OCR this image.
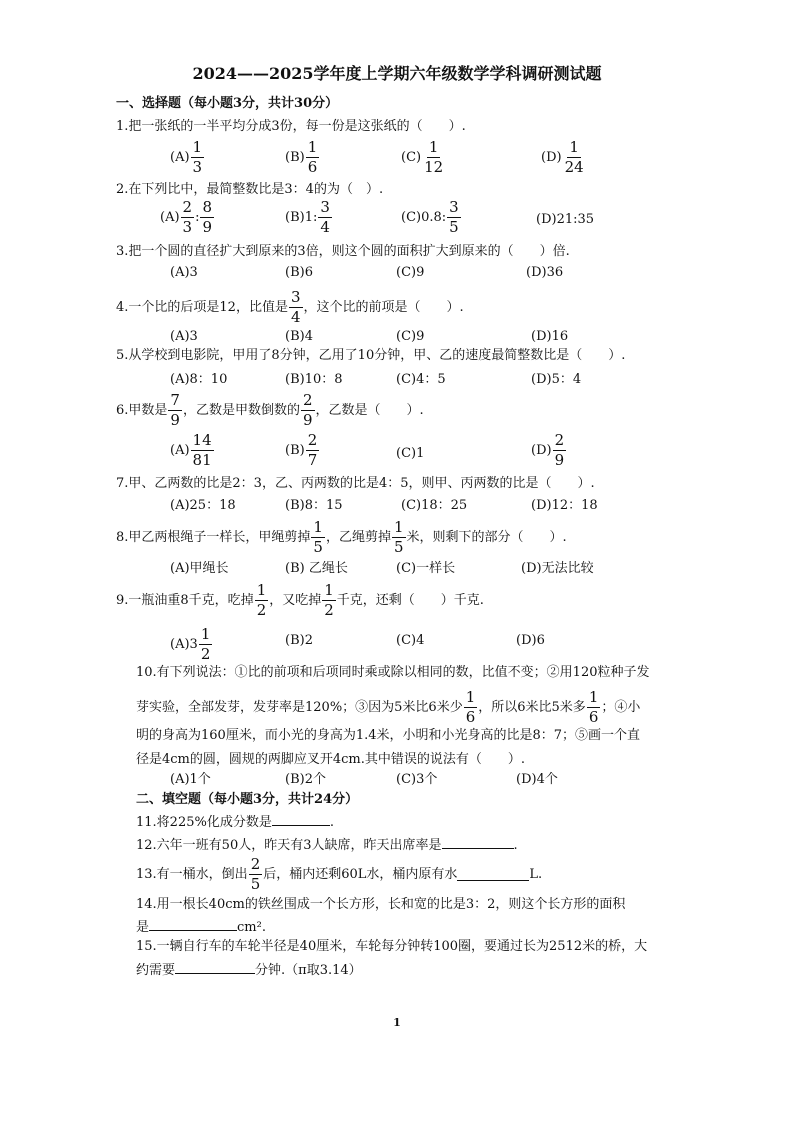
2024——2025学年度上学期六年级数学学科调研测试题
一、选择题（每小题3分，共计30分）
1.把一张纸的一半平均分成3份，每一份是这张纸的（　　）.
$(A) \frac{1}{3}$	$(B) \frac{1}{6}$	$(C) \frac{1}{12}$	$(D) \frac{1}{24}$
2.在下列比中，最简整数比是3：4的为（　）.
$(A) \frac{2}{3}$ : $\frac{8}{9}$	(B) 1: $\frac{3}{4}$	(C) 0.8: $\frac{3}{5}$	(D)21:35
3.把一个圆的直径扩大到原来的3倍，则这个圆的面积扩大到原来的（　　）倍.
(A)3	(B)6	(C)9	(D)36
4.一个比的后项是12，比值是 $\frac{3}{4}$ ，这个比的前项是（　　）.
(A)3	(B)4	(C)9	(D)16
5.从学校到电影院，甲用了8分钟，乙用了10分钟，甲、乙的速度最简整数比是（　　）.
(A)8：10	(B)10：8	(C)4：5	(D)5：4
6.甲数是 $\frac{7}{9}$ ，乙数是甲数倒数的 $\frac{2}{9}$ ，乙数是（　　）.
$(A) \frac{14}{81}$	$(B) \frac{2}{7}$	(C)1	$(D) \frac{2}{9}$
7.甲、乙两数的比是2：3，乙、丙两数的比是4：5，则甲、丙两数的比是（　　）.
(A)25：18	(B)8：15	(C)18：25	(D)12：18
8.甲乙两根绳子一样长，甲绳剪掉 $\frac{1}{5}$ ，乙绳剪掉 $\frac{1}{5}$ 米，则剩下的部分（　　）.
(A)甲绳长	(B) 乙绳长	(C)一样长	(D)无法比较
9.一瓶油重8千克，吃掉 $\frac{1}{2}$ ，又吃掉 $\frac{1}{2}$ 千克，还剩（　　）千克.
(A) $3 \frac{1}{2}$	(B)2	(C)4	(D)6
10.有下列说法：①比的前项和后项同时乘或除以相同的数，比值不变；②用120粒种子发
芽实验，全部发芽，发芽率是120%；③因为5米比6米少 $\frac{1}{6}$ ，所以6米比5米多 $\frac{1}{6}$ ；④小
明的身高为160厘米，而小光的身高为1.4米，小明和小光身高的比是8：7；⑤画一个直
径是4cm的圆，圆规的两脚应叉开4cm.其中错误的说法有（　　）.
(A)1个	(B)2个	(C)3个	(D)4个
二、填空题（每小题3分，共计24分）
11.将225%化成分数是	.
12.六年一班有50人，昨天有3人缺席，昨天出席率是	.
13.有一桶水，倒出 $\frac{2}{5}$ 后，桶内还剩60L水，桶内原有水	L.
14.用一根长40cm的铁丝围成一个长方形，长和宽的比是3：2，则这个长方形的面积
是	cm².
15.一辆自行车的车轮半径是40厘米，车轮每分钟转100圈，要通过长为2512米的桥，大
约需要	分钟.（π取3.14）
1
